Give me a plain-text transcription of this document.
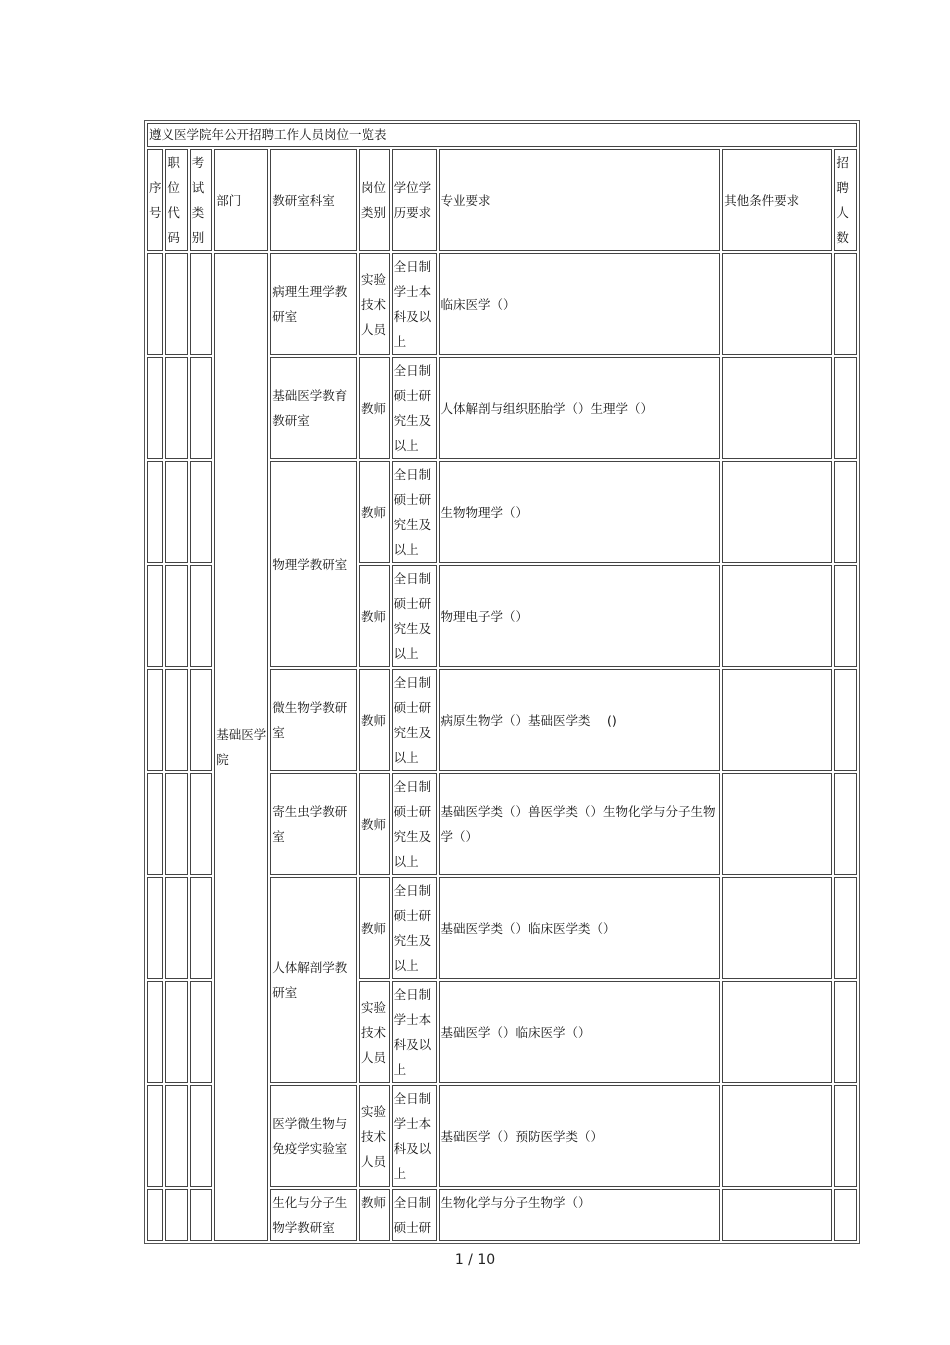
遵义医学院年公开招聘工作人员岗位一览表									
序号	职位代码	考试类别	部门	教研室科室	岗位类别	学位学历要求	专业要求	其他条件要求	招聘人数
			基础医学院	病理生理学教研室	实验技术人员	全日制学士本科及以上	临床医学（）		
				基础医学教育教研室	教师	全日制硕士研究生及以上	人体解剖与组织胚胎学（）生理学（）		
				物理学教研室	教师	全日制硕士研究生及以上	生物物理学（）		
					教师	全日制硕士研究生及以上	物理电子学（）		
				微生物学教研室	教师	全日制硕士研究生及以上	病原生物学（）基础医学类　 ()		
				寄生虫学教研室	教师	全日制硕士研究生及以上	基础医学类（）兽医学类（）生物化学与分子生物学（）		
				人体解剖学教研室	教师	全日制硕士研究生及以上	基础医学类（）临床医学类（）		
					实验技术人员	全日制学士本科及以上	基础医学（）临床医学（）		
				医学微生物与免疫学实验室	实验技术人员	全日制学士本科及以上	基础医学（）预防医学类（）		
				生化与分子生物学教研室	教师	全日制硕士研	生物化学与分子生物学（）		
1 / 10
